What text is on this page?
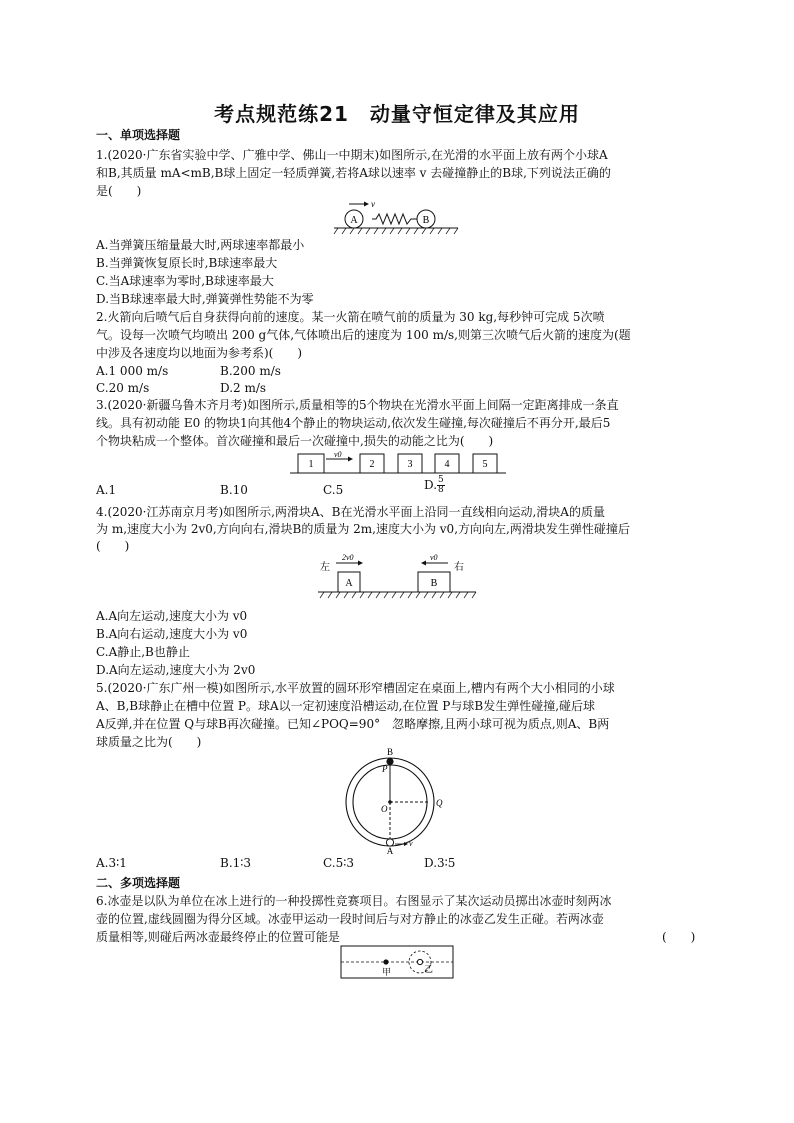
考点规范练21　动量守恒定律及其应用
一、单项选择题
1.(2020·广东省实验中学、广雅中学、佛山一中期末)如图所示,在光滑的水平面上放有两个小球A
和B,其质量 mA<mB,B球上固定一轻质弹簧,若将A球以速率 v 去碰撞静止的B球,下列说法正确的
是(　　)
A
v
B
A.当弹簧压缩量最大时,两球速率都最小
B.当弹簧恢复原长时,B球速率最大
C.当A球速率为零时,B球速率最大
D.当B球速率最大时,弹簧弹性势能不为零
2.火箭向后喷气后自身获得向前的速度。某一火箭在喷气前的质量为 30 kg,每秒钟可完成 5次喷
气。设每一次喷气均喷出 200 g气体,气体喷出后的速度为 100 m/s,则第三次喷气后火箭的速度为(题
中涉及各速度均以地面为参考系)(　　)
A.1 000 m/s	B.200 m/s
C.20 m/s	D.2 m/s
3.(2020·新疆乌鲁木齐月考)如图所示,质量相等的5个物块在光滑水平面上间隔一定距离排成一条直
线。具有初动能 E0 的物块1向其他4个静止的物块运动,依次发生碰撞,每次碰撞后不再分开,最后5
个物块粘成一个整体。首次碰撞和最后一次碰撞中,损失的动能之比为(　　)
1
v0
2	3	4	5
A.1	B.10	C.5	D. $\frac{5}{8}$
4.(2020·江苏南京月考)如图所示,两滑块A、B在光滑水平面上沿同一直线相向运动,滑块A的质量
为 m,速度大小为 2v0,方向向右,滑块B的质量为 2m,速度大小为 v0,方向向左,两滑块发生弹性碰撞后
(　　)
左	右
2v0	v0
A	B
A.A向左运动,速度大小为 v0
B.A向右运动,速度大小为 v0
C.A静止,B也静止
D.A向左运动,速度大小为 2v0
5.(2020·广东广州一模)如图所示,水平放置的圆环形窄槽固定在桌面上,槽内有两个大小相同的小球
A、B,B球静止在槽中位置 P。球A以一定初速度沿槽运动,在位置 P与球B发生弹性碰撞,碰后球
A反弹,并在位置 Q与球B再次碰撞。已知∠POQ=90°　忽略摩擦,且两小球可视为质点,则A、B两
球质量之比为(　　)
B
P
O
Q
A
v
A.3∶1	B.1∶3	C.5∶3	D.3∶5
二、多项选择题
6.冰壶是以队为单位在冰上进行的一种投掷性竞赛项目。右图显示了某次运动员掷出冰壶时刻两冰
壶的位置,虚线圆圈为得分区域。冰壶甲运动一段时间后与对方静止的冰壶乙发生正碰。若两冰壶
质量相等,则碰后两冰壶最终停止的位置可能是	(　　)
甲	乙
